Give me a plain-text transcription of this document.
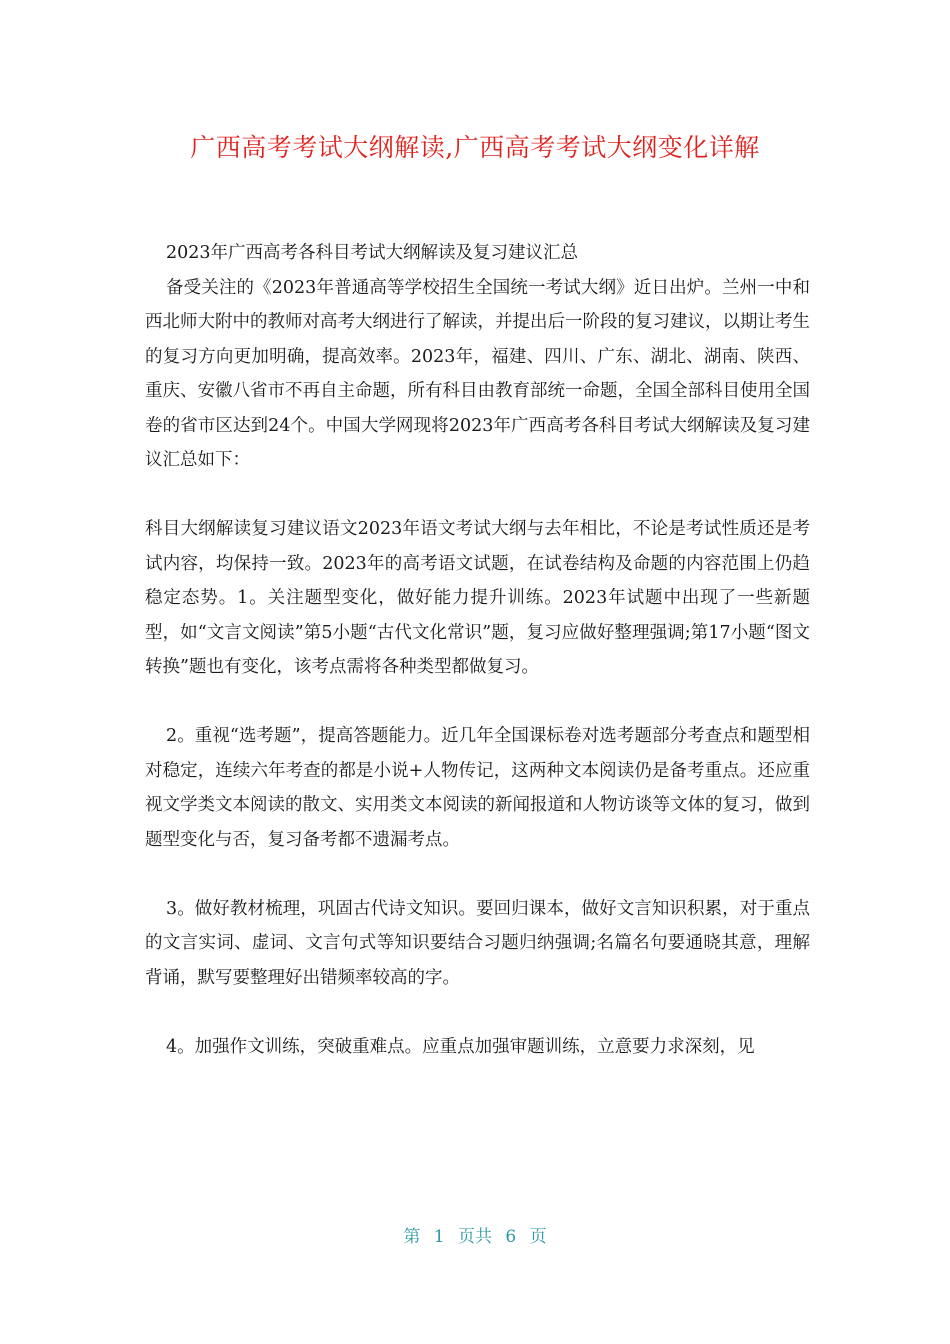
广西高考考试大纲解读,广西高考考试大纲变化详解

2023年广西高考各科目考试大纲解读及复习建议汇总

备受关注的《2023年普通高等学校招生全国统一考试大纲》近日出炉。兰州一中和西北师大附中的教师对高考大纲进行了解读，并提出后一阶段的复习建议，以期让考生的复习方向更加明确，提高效率。2023年，福建、四川、广东、湖北、湖南、陕西、重庆、安徽八省市不再自主命题，所有科目由教育部统一命题，全国全部科目使用全国卷的省市区达到24个。中国大学网现将2023年广西高考各科目考试大纲解读及复习建议汇总如下：

科目大纲解读复习建议语文2023年语文考试大纲与去年相比，不论是考试性质还是考试内容，均保持一致。2023年的高考语文试题，在试卷结构及命题的内容范围上仍趋稳定态势。1。关注题型变化，做好能力提升训练。2023年试题中出现了一些新题型，如“文言文阅读”第5小题“古代文化常识”题，复习应做好整理强调;第17小题“图文转换”题也有变化，该考点需将各种类型都做复习。

2。重视“选考题”，提高答题能力。近几年全国课标卷对选考题部分考查点和题型相对稳定，连续六年考查的都是小说+人物传记，这两种文本阅读仍是备考重点。还应重视文学类文本阅读的散文、实用类文本阅读的新闻报道和人物访谈等文体的复习，做到题型变化与否，复习备考都不遗漏考点。

3。做好教材梳理，巩固古代诗文知识。要回归课本，做好文言知识积累，对于重点的文言实词、虚词、文言句式等知识要结合习题归纳强调;名篇名句要通晓其意，理解背诵，默写要整理好出错频率较高的字。

4。加强作文训练，突破重难点。应重点加强审题训练，立意要力求深刻，见

第 1 页共 6 页
